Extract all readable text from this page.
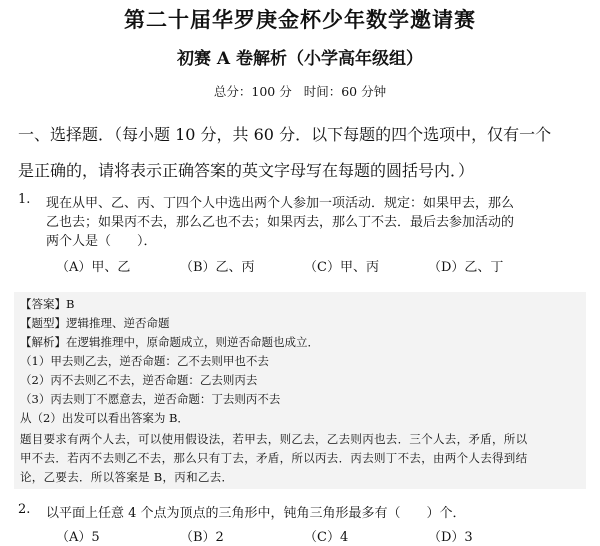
第二十届华罗庚金杯少年数学邀请赛
初赛 A 卷解析（小学高年级组）
总分：100 分 时间：60 分钟
一、选择题．（每小题 10 分，共 60 分．以下每题的四个选项中，仅有一个
是正确的，请将表示正确答案的英文字母写在每题的圆括号内．）
1. 现在从甲、乙、丙、丁四个人中选出两个人参加一项活动．规定：如果甲去，那么
乙也去；如果丙不去，那么乙也不去；如果丙去，那么丁不去．最后去参加活动的
两个人是（　　）．
（A）甲、乙	（B）乙、丙	（C）甲、丙	（D）乙、丁
【答案】B
【题型】逻辑推理、逆否命题
【解析】在逻辑推理中，原命题成立，则逆否命题也成立．
（1）甲去则乙去，逆否命题：乙不去则甲也不去
（2）丙不去则乙不去，逆否命题：乙去则丙去
（3）丙去则丁不愿意去，逆否命题：丁去则丙不去
从（2）出发可以看出答案为 B．
题目要求有两个人去，可以使用假设法，若甲去，则乙去，乙去则丙也去．三个人去，矛盾，所以
甲不去．若丙不去则乙不去，那么只有丁去，矛盾，所以丙去．丙去则丁不去，由两个人去得到结
论，乙要去．所以答案是 B，丙和乙去．
2. 以平面上任意 4 个点为顶点的三角形中，钝角三角形最多有（　　）个．
（A）5	（B）2	（C）4	（D）3
